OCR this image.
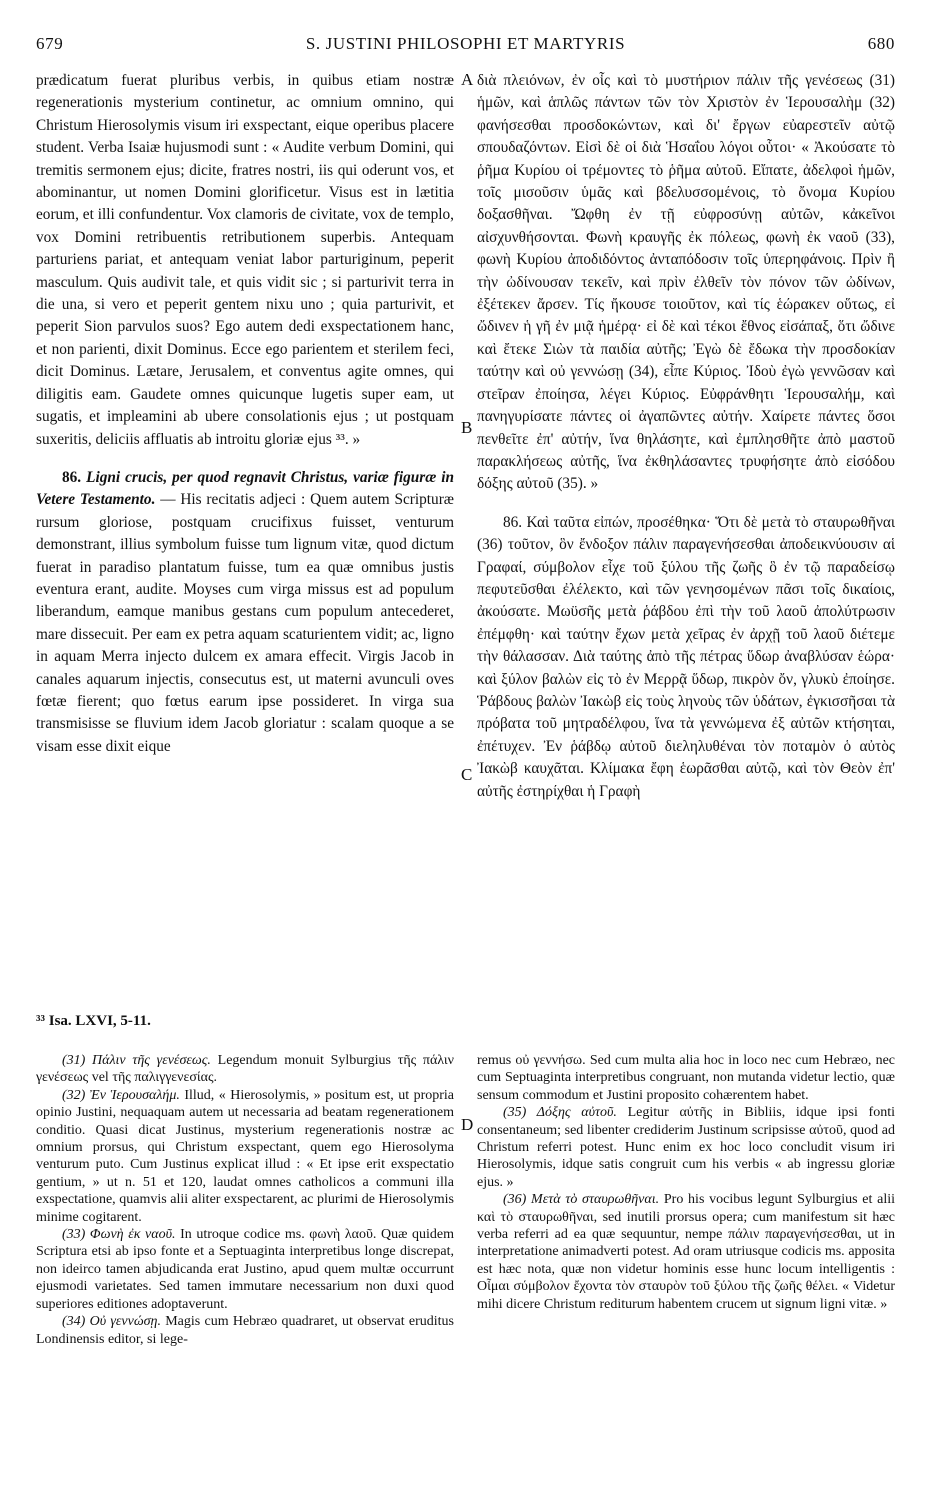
679	S. JUSTINI PHILOSOPHI ET MARTYRIS	680

prædicatum fuerat pluribus verbis, in quibus etiam nostræ regenerationis mysterium continetur, ac omnium omnino, qui Christum Hierosolymis visum iri exspectant, eique operibus placere student. Verba Isaiæ hujusmodi sunt : « Audite verbum Domini, qui tremitis sermonem ejus; dicite, fratres nostri, iis qui oderunt vos, et abominantur, ut nomen Domini glorificetur. Visus est in lætitia eorum, et illi confundentur. Vox clamoris de civitate, vox de templo, vox Domini retribuentis retributionem superbis. Antequam parturiens pariat, et antequam veniat labor parturiginum, peperit masculum. Quis audivit tale, et quis vidit sic ; si parturivit terra in die una, si vero et peperit gentem nixu uno ; quia parturivit, et peperit Sion parvulos suos? Ego autem dedi exspectationem hanc, et non parienti, dixit Dominus. Ecce ego parientem et sterilem feci, dicit Dominus. Lætare, Jerusalem, et conventus agite omnes, qui diligitis eam. Gaudete omnes quicunque lugetis super eam, ut sugatis, et impleamini ab ubere consolationis ejus ; ut postquam suxeritis, deliciis affluatis ab introitu gloriæ ejus ³³. »

86. Ligni crucis, per quod regnavit Christus, variæ figuræ in Vetere Testamento. — His recitatis adjeci : Quem autem Scripturæ rursum gloriose, postquam crucifixus fuisset, venturum demonstrant, illius symbolum fuisse tum lignum vitæ, quod dictum fuerat in paradiso plantatum fuisse, tum ea quæ omnibus justis eventura erant, audite. Moyses cum virga missus est ad populum liberandum, eamque manibus gestans cum populum antecederet, mare dissecuit. Per eam ex petra aquam scaturientem vidit; ac, ligno in aquam Merra injecto dulcem ex amara effecit. Virgis Jacob in canales aquarum injectis, consecutus est, ut materni avunculi oves fœtæ fierent; quo fœtus earum ipse possideret. In virga sua transmisisse se fluvium idem Jacob gloriatur : scalam quoque a se visam esse dixit eique

³³ Isa. LXVI, 5-11.
A
B
C
D

διὰ πλειόνων, ἐν οἷς καὶ τὸ μυστήριον πάλιν τῆς γενέσεως (31) ἡμῶν, καὶ ἁπλῶς πάντων τῶν τὸν Χριστὸν ἐν Ἱερουσαλὴμ (32) φανήσεσθαι προσδοκώντων, καὶ δι' ἔργων εὐαρεστεῖν αὐτῷ σπουδαζόντων. Εἰσὶ δὲ οἱ διὰ Ἡσαΐου λόγοι οὗτοι· « Ἀκούσατε τὸ ῥῆμα Κυρίου οἱ τρέμοντες τὸ ῥῆμα αὐτοῦ. Εἴπατε, ἀδελφοὶ ἡμῶν, τοῖς μισοῦσιν ὑμᾶς καὶ βδελυσσομένοις, τὸ ὄνομα Κυρίου δοξασθῆναι. Ὤφθη ἐν τῇ εὐφροσύνῃ αὐτῶν, κἀκεῖνοι αἰσχυνθήσονται. Φωνὴ κραυγῆς ἐκ πόλεως, φωνὴ ἐκ ναοῦ (33), φωνὴ Κυρίου ἀποδιδόντος ἀνταπόδοσιν τοῖς ὑπερηφάνοις. Πρὶν ἢ τὴν ὠδίνουσαν τεκεῖν, καὶ πρὶν ἐλθεῖν τὸν πόνον τῶν ὠδίνων, ἐξέτεκεν ἄρσεν. Τίς ἤκουσε τοιοῦτον, καὶ τίς ἑώρακεν οὕτως, εἰ ὤδινεν ἡ γῆ ἐν μιᾷ ἡμέρᾳ· εἰ δὲ καὶ τέκοι ἔθνος εἰσάπαξ, ὅτι ὤδινε καὶ ἔτεκε Σιὼν τὰ παιδία αὐτῆς; Ἐγὼ δὲ ἔδωκα τὴν προσδοκίαν ταύτην καὶ οὐ γεννώσῃ (34), εἶπε Κύριος. Ἰδοὺ ἐγὼ γεννῶσαν καὶ στεῖραν ἐποίησα, λέγει Κύριος. Εὐφράνθητι Ἱερουσαλήμ, καὶ πανηγυρίσατε πάντες οἱ ἀγαπῶντες αὐτήν. Χαίρετε πάντες ὅσοι πενθεῖτε ἐπ' αὐτήν, ἵνα θηλάσητε, καὶ ἐμπλησθῆτε ἀπὸ μαστοῦ παρακλήσεως αὐτῆς, ἵνα ἐκθηλάσαντες τρυφήσητε ἀπὸ εἰσόδου δόξης αὐτοῦ (35). »

86. Καὶ ταῦτα εἰπών, προσέθηκα· Ὅτι δὲ μετὰ τὸ σταυρωθῆναι (36) τοῦτον, ὃν ἔνδοξον πάλιν παραγενήσεσθαι ἀποδεικνύουσιν αἱ Γραφαί, σύμβολον εἶχε τοῦ ξύλου τῆς ζωῆς ὃ ἐν τῷ παραδείσῳ πεφυτεῦσθαι ἐλέλεκτο, καὶ τῶν γενησομένων πᾶσι τοῖς δικαίοις, ἀκούσατε. Μωϋσῆς μετὰ ῥάβδου ἐπὶ τὴν τοῦ λαοῦ ἀπολύτρωσιν ἐπέμφθη· καὶ ταύτην ἔχων μετὰ χεῖρας ἐν ἀρχῇ τοῦ λαοῦ διέτεμε τὴν θάλασσαν. Διὰ ταύτης ἀπὸ τῆς πέτρας ὕδωρ ἀναβλύσαν ἑώρα· καὶ ξύλον βαλὼν εἰς τὸ ἐν Μερρᾷ ὕδωρ, πικρὸν ὄν, γλυκὺ ἐποίησε. Ῥάβδους βαλὼν Ἰακὼβ εἰς τοὺς ληνοὺς τῶν ὑδάτων, ἐγκισσῆσαι τὰ πρόβατα τοῦ μητραδέλφου, ἵνα τὰ γεννώμενα ἐξ αὐτῶν κτήσηται, ἐπέτυχεν. Ἐν ῥάβδῳ αὐτοῦ διεληλυθέναι τὸν ποταμὸν ὁ αὐτὸς Ἰακὼβ καυχᾶται. Κλίμακα ἔφη ἑωρᾶσθαι αὐτῷ, καὶ τὸν Θεὸν ἐπ' αὐτῆς ἐστηρίχθαι ἡ Γραφὴ

(31) Πάλιν τῆς γενέσεως. Legendum monuit Sylburgius τῆς πάλιν γενέσεως vel τῆς παλιγγενεσίας.

(32) Ἐν Ἱερουσαλήμ. Illud, « Hierosolymis, » positum est, ut propria opinio Justini, nequaquam autem ut necessaria ad beatam regenerationem conditio. Quasi dicat Justinus, mysterium regenerationis nostræ ac omnium prorsus, qui Christum exspectant, quem ego Hierosolyma venturum puto. Cum Justinus explicat illud : « Et ipse erit exspectatio gentium, » ut n. 51 et 120, laudat omnes catholicos a communi illa exspectatione, quamvis alii aliter exspectarent, ac plurimi de Hierosolymis minime cogitarent.

(33) Φωνὴ ἐκ ναοῦ. In utroque codice ms. φωνὴ λαοῦ. Quæ quidem Scriptura etsi ab ipso fonte et a Septuaginta interpretibus longe discrepat, non ideirco tamen abjudicanda erat Justino, apud quem multæ occurrunt ejusmodi varietates. Sed tamen immutare necessarium non duxi quod superiores editiones adoptaverunt.

(34) Οὐ γεννώσῃ. Magis cum Hebræo quadraret, ut observat eruditus Londinensis editor, si lege-

remus οὐ γεννήσω. Sed cum multa alia hoc in loco nec cum Hebræo, nec cum Septuaginta interpretibus congruant, non mutanda videtur lectio, quæ sensum commodum et Justini proposito cohærentem habet.

(35) Δόξης αὐτοῦ. Legitur αὐτῆς in Bibliis, idque ipsi fonti consentaneum; sed libenter crediderim Justinum scripsisse αὐτοῦ, quod ad Christum referri potest. Hunc enim ex hoc loco concludit visum iri Hierosolymis, idque satis congruit cum his verbis « ab ingressu gloriæ ejus. »

(36) Μετὰ τὸ σταυρωθῆναι. Pro his vocibus legunt Sylburgius et alii καὶ τὸ σταυρωθῆναι, sed inutili prorsus opera; cum manifestum sit hæc verba referri ad ea quæ sequuntur, nempe πάλιν παραγενήσεσθαι, ut in interpretatione animadverti potest. Ad oram utriusque codicis ms. apposita est hæc nota, quæ non videtur hominis esse hunc locum intelligentis : Οἶμαι σύμβολον ἔχοντα τὸν σταυρὸν τοῦ ξύλου τῆς ζωῆς θέλει. « Videtur mihi dicere Christum rediturum habentem crucem ut signum ligni vitæ. »
